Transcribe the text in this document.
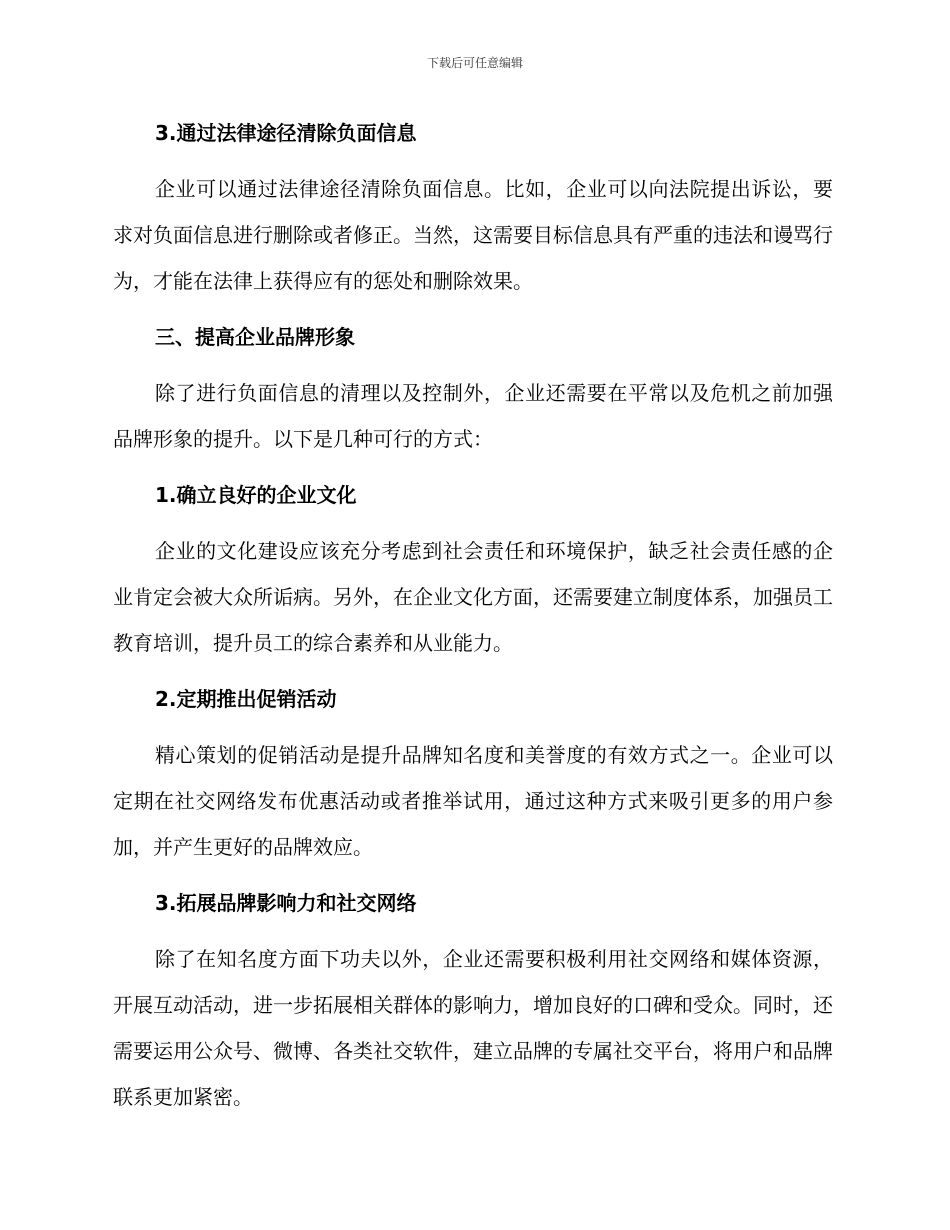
下载后可任意编辑
3.通过法律途径清除负面信息
企业可以通过法律途径清除负面信息。比如，企业可以向法院提出诉讼，要求对负面信息进行删除或者修正。当然，这需要目标信息具有严重的违法和谩骂行为，才能在法律上获得应有的惩处和删除效果。
三、提高企业品牌形象
除了进行负面信息的清理以及控制外，企业还需要在平常以及危机之前加强品牌形象的提升。以下是几种可行的方式：
1.确立良好的企业文化
企业的文化建设应该充分考虑到社会责任和环境保护，缺乏社会责任感的企业肯定会被大众所诟病。另外，在企业文化方面，还需要建立制度体系，加强员工教育培训，提升员工的综合素养和从业能力。
2.定期推出促销活动
精心策划的促销活动是提升品牌知名度和美誉度的有效方式之一。企业可以定期在社交网络发布优惠活动或者推举试用，通过这种方式来吸引更多的用户参加，并产生更好的品牌效应。
3.拓展品牌影响力和社交网络
除了在知名度方面下功夫以外，企业还需要积极利用社交网络和媒体资源，开展互动活动，进一步拓展相关群体的影响力，增加良好的口碑和受众。同时，还需要运用公众号、微博、各类社交软件，建立品牌的专属社交平台，将用户和品牌联系更加紧密。
